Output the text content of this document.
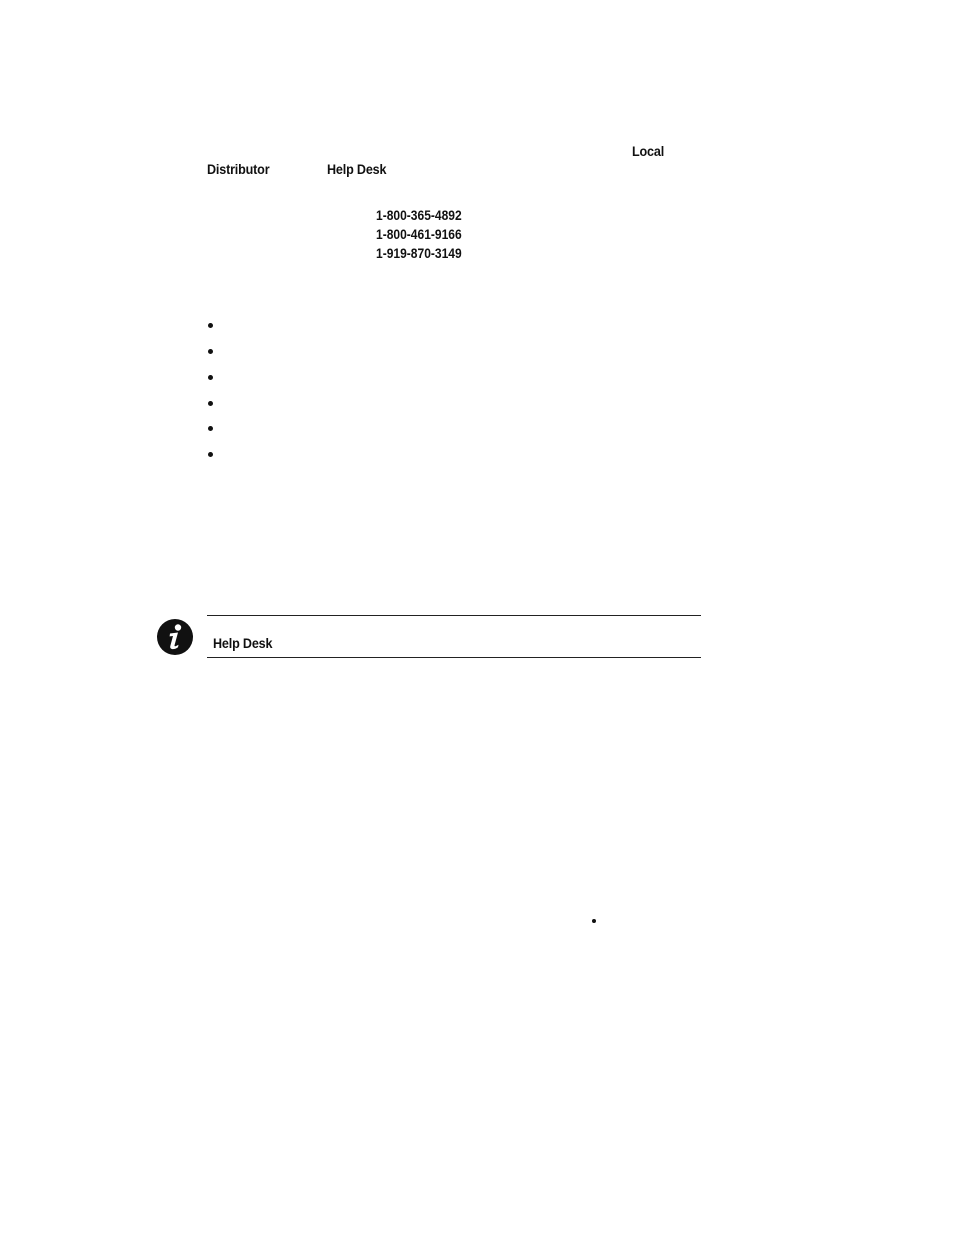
Local
Distributor	Help Desk
1-800-365-4892
1-800-461-9166
1-919-870-3149
Help Desk
